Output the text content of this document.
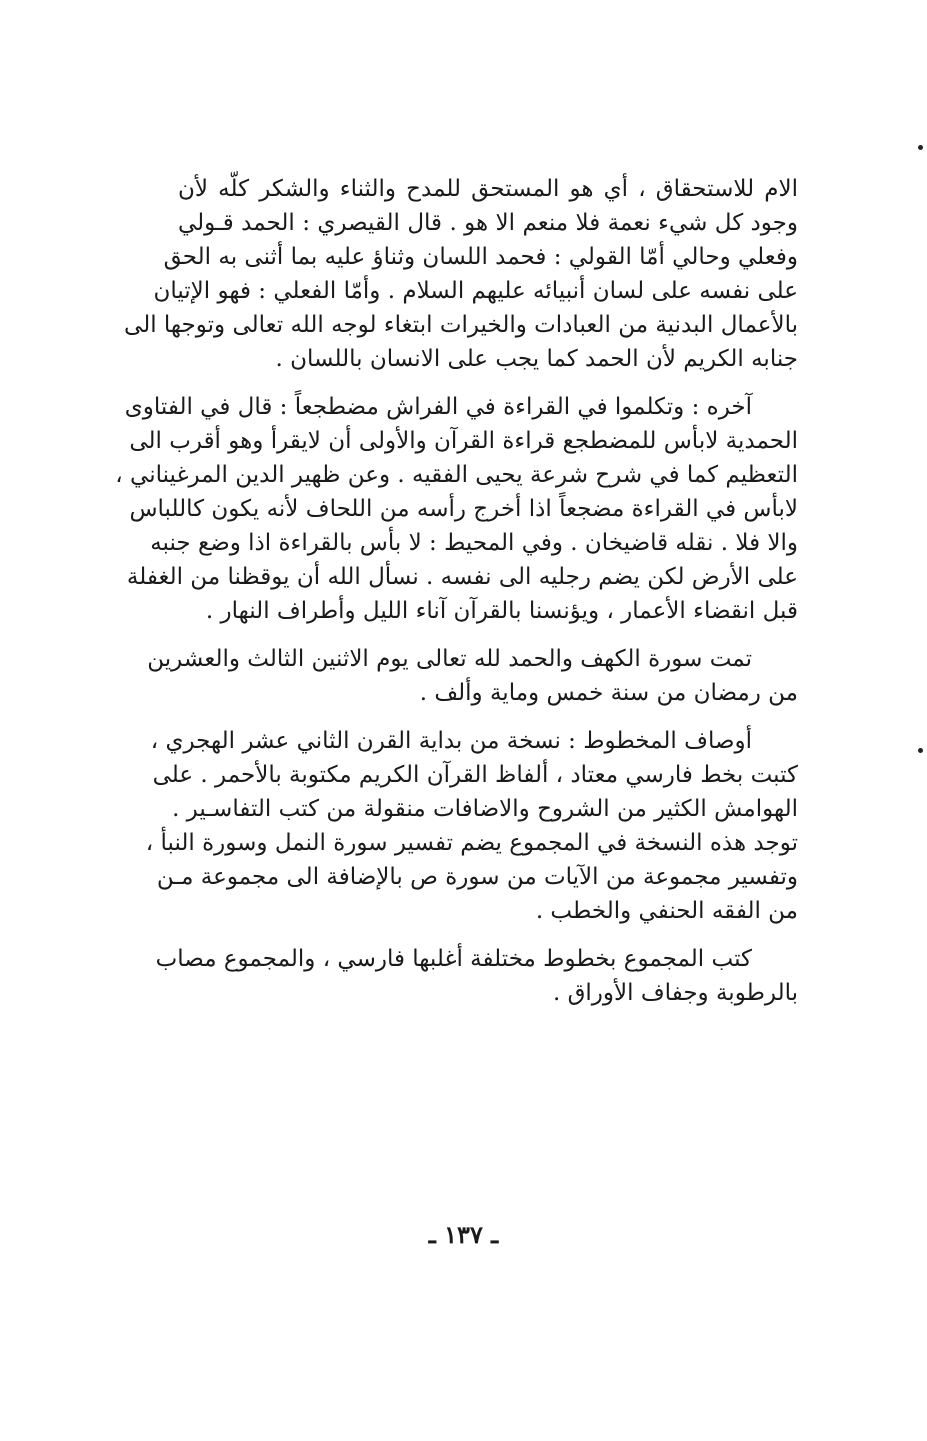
الام للاستحقاق ، أي هو المستحق للمدح والثناء والشكر كلّه لأن
وجود كل شيء نعمة فلا منعم الا هو . قال القيصري : الحمد قـولي
وفعلي وحالي أمّا القولي : فحمد اللسان وثناؤ عليه بما أثنى به الحق
على نفسه على لسان أنبيائه عليهم السلام . وأمّا الفعلي : فهو الإتيان
بالأعمال البدنية من العبادات والخيرات ابتغاء لوجه الله تعالى وتوجها الى
جنابه الكريم لأن الحمد كما يجب على الانسان باللسان .
آخره : وتكلموا في القراءة في الفراش مضطجعاً : قال في الفتاوى
الحمدية لابأس للمضطجع قراءة القرآن والأولى أن لايقرأ وهو أقرب الى
التعظيم كما في شرح شرعة يحيى الفقيه . وعن ظهير الدين المرغيناني ،
لابأس في القراءة مضجعاً اذا أخرج رأسه من اللحاف لأنه يكون كاللباس
والا فلا . نقله قاضيخان . وفي المحيط : لا بأس بالقراءة اذا وضع جنبه
على الأرض لكن يضم رجليه الى نفسه . نسأل الله أن يوقظنا من الغفلة
قبل انقضاء الأعمار ، ويؤنسنا بالقرآن آناء الليل وأطراف النهار .
تمت سورة الكهف والحمد لله تعالى يوم الاثنين الثالث والعشرين
من رمضان من سنة خمس وماية وألف .
أوصاف المخطوط : نسخة من بداية القرن الثاني عشر الهجري ،
كتبت بخط فارسي معتاد ، ألفاظ القرآن الكريم مكتوبة بالأحمر . على
الهوامش الكثير من الشروح والاضافات منقولة من كتب التفاسـير .
توجد هذه النسخة في المجموع يضم تفسير سورة النمل وسورة النبأ ،
وتفسير مجموعة من الآيات من سورة ص بالإضافة الى مجموعة مـن
من الفقه الحنفي والخطب .
كتب المجموع بخطوط مختلفة أغلبها فارسي ، والمجموع مصاب
بالرطوبة وجفاف الأوراق .
ـ ١٣٧ ـ
